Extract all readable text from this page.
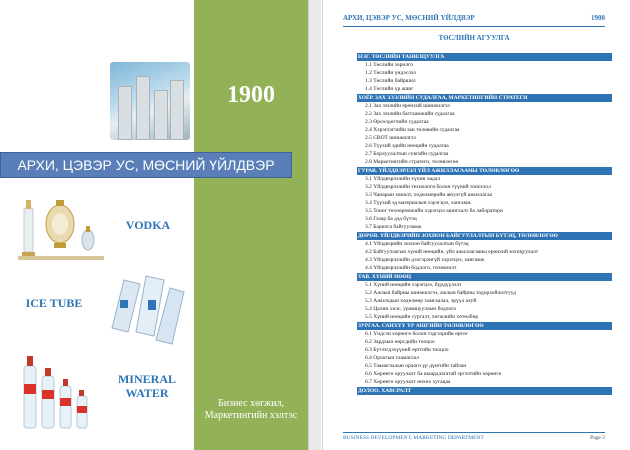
1900
АРХИ, ЦЭВЭР УС, МӨСНИЙ ҮЙЛДВЭР
VODKA
ICE TUBE
MINERAL
WATER
Бизнес хөгжил,
Маркетингийн хэлтэс
АРХИ, ЦЭВЭР УС, МӨСНИЙ ҮЙЛДВЭР	1900
ТӨСЛИЙН АГУУЛГА
НЭГ. ТӨСЛИЙН ТАНИЛЦУУЛГА
1.1 Төслийн зорилго
1.2 Төслийн үндэслэл
1.3 Төслийн байршил
1.4 Төслийн үр ашиг
ХОЁР. ЗАХ ЗЭЭЛИЙН СУДАЛГАА, МАРКЕТИНГИЙН СТРАТЕГИ
2.1 Зах зээлийн ерөнхий шинжилгээ
2.2 Зах зээлийн багтаамжийн судалгаа
2.3 Өрсөлдөгчийн судалгаа
2.4 Хэрэглэгчийн зан төлөвийн судалгаа
2.5 СВОТ шинжилгээ
2.6 Түүхий эдийн нөөцийн судалгаа
2.7 Борлуулалтын сувгийн судалгаа
2.8 Маркетингийн стратеги, төлөвлөгөө
ГУРАВ. ҮЙЛДВЭРЛЭЛ ҮЙЛ АЖИЛЛАГААНЫ ТӨЛӨВЛӨГӨӨ
3.1 Үйлдвэрлэлийн хүчин чадал
3.2 Үйлдвэрлэлийн технологи болон түүний тоноглол
3.3 Чанарын хяналт, хөдөлмөрийн аюулгүй ажиллагаа
3.4 Түүхий эд материалын хэрэгцээ, хангамж
3.5 Тоног төхөөрөмжийн хэрэгцээ ашиглалт ба лаборатори
3.6 Газар ба дэд бүтэц
3.7 Барилга байгууламж
ДӨРӨВ. ҮЙЛДВЭРИЙН ЗОХИОН БАЙГУУЛАЛТЫН БҮТЭЦ, ТӨЛӨВЛӨГӨӨ
4.1 Үйлдвэрийн зохион байгуулалтын бүтэц
4.2 Байгууллагын хүний нөөцийн, үйл ажиллагааны ерөнхий зохицуулалт
4.3 Үйлдвэрлэлийн дэлгэрэнгүй хэрэгцээ, хангамж
4.4 Үйлдвэрлэлийн бодлого, төлөвлөлт
ТАВ. ХҮНИЙ НӨӨЦ
5.1 Хүний нөөцийн хэрэгцээ, бүрдүүлэлт
5.2 Ажлын байрны шинжилгээ, ажлын байрны тодорхойлолтууд
5.3 Ажилчдын хөдөлмөр хамгаалал, эрүүл ахуй
5.4 Цалин хөлс, урамшууллын бодлого
5.5 Хүний нөөцийн сургалт, хөгжлийн хөтөлбөр
ЗУРГАА. САНХҮҮ ҮР АШГИЙН ТӨЛӨВЛӨГӨӨ
6.1 Үндсэн хөрөнгө болон тэдгээрийн өртөг
6.2 Зардлын өөрсдийн тооцоо
6.3 Бүтээгдэхүүний өртгийн тооцоо
6.4 Орлогын таамаглал
6.5 Таамаглалын орлого үр дүнгийн тайлан
6.6 Хөрөнгө оруулалт ба шаардлагатай эргэлтийн хөрөнгө
6.7 Хөрөнгө оруулалт нөхөх хугацаа
ДОЛОО. ХАВСРАЛТ
BUSINESS DEVELOPMENT, MARKETING DEPARTMENT	Page 2
